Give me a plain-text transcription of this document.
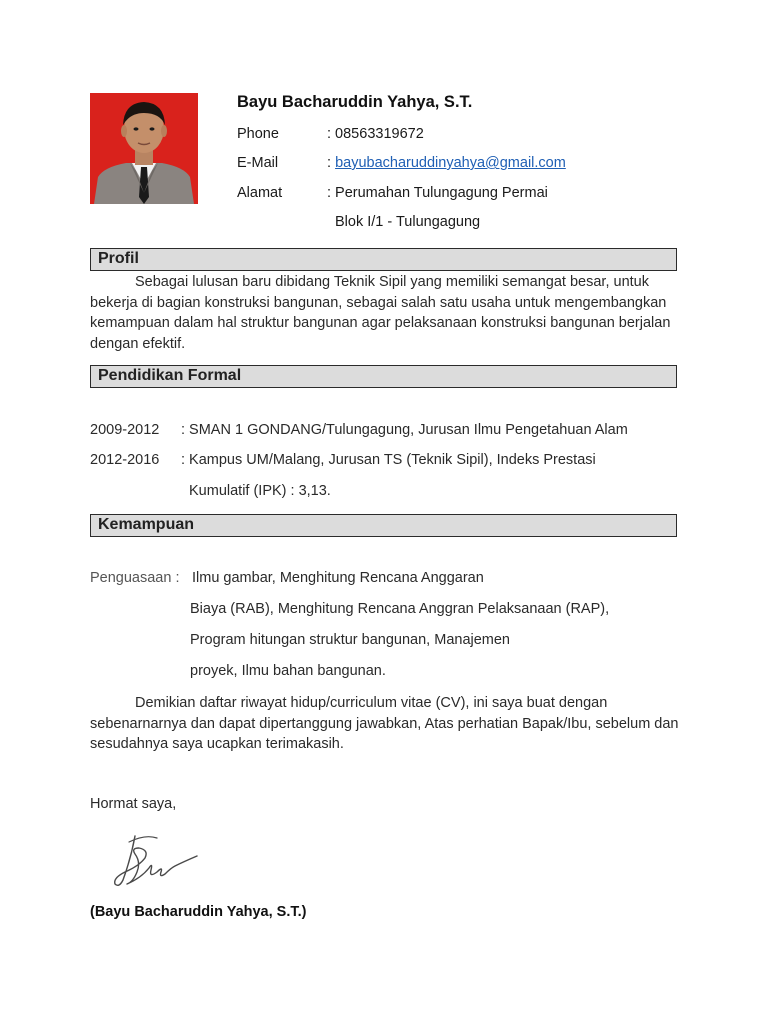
Bayu Bacharuddin Yahya, S.T.
Phone	: 08563319672
E-Mail	: bayubacharuddinyahya@gmail.com
Alamat	: Perumahan Tulungagung Permai
Blok I/1 - Tulungagung
Profil
Sebagai lulusan baru dibidang Teknik Sipil yang memiliki semangat besar, untuk bekerja di bagian konstruksi bangunan, sebagai salah satu usaha untuk mengembangkan kemampuan dalam hal struktur bangunan agar pelaksanaan konstruksi bangunan berjalan dengan efektif.
Pendidikan Formal
2009-2012 : SMAN 1 GONDANG/Tulungagung, Jurusan Ilmu Pengetahuan Alam
2012-2016 : Kampus UM/Malang, Jurusan TS (Teknik Sipil), Indeks Prestasi
Kumulatif (IPK) : 3,13.
Kemampuan
Penguasaan : Ilmu gambar, Menghitung Rencana Anggaran
Biaya (RAB), Menghitung Rencana Anggran Pelaksanaan (RAP),
Program hitungan struktur bangunan, Manajemen
proyek, Ilmu bahan bangunan.
Demikian daftar riwayat hidup/curriculum vitae (CV), ini saya buat dengan sebenarnarnya dan dapat dipertanggung jawabkan, Atas perhatian Bapak/Ibu, sebelum dan sesudahnya saya ucapkan terimakasih.
Hormat saya,
(Bayu Bacharuddin Yahya, S.T.)
